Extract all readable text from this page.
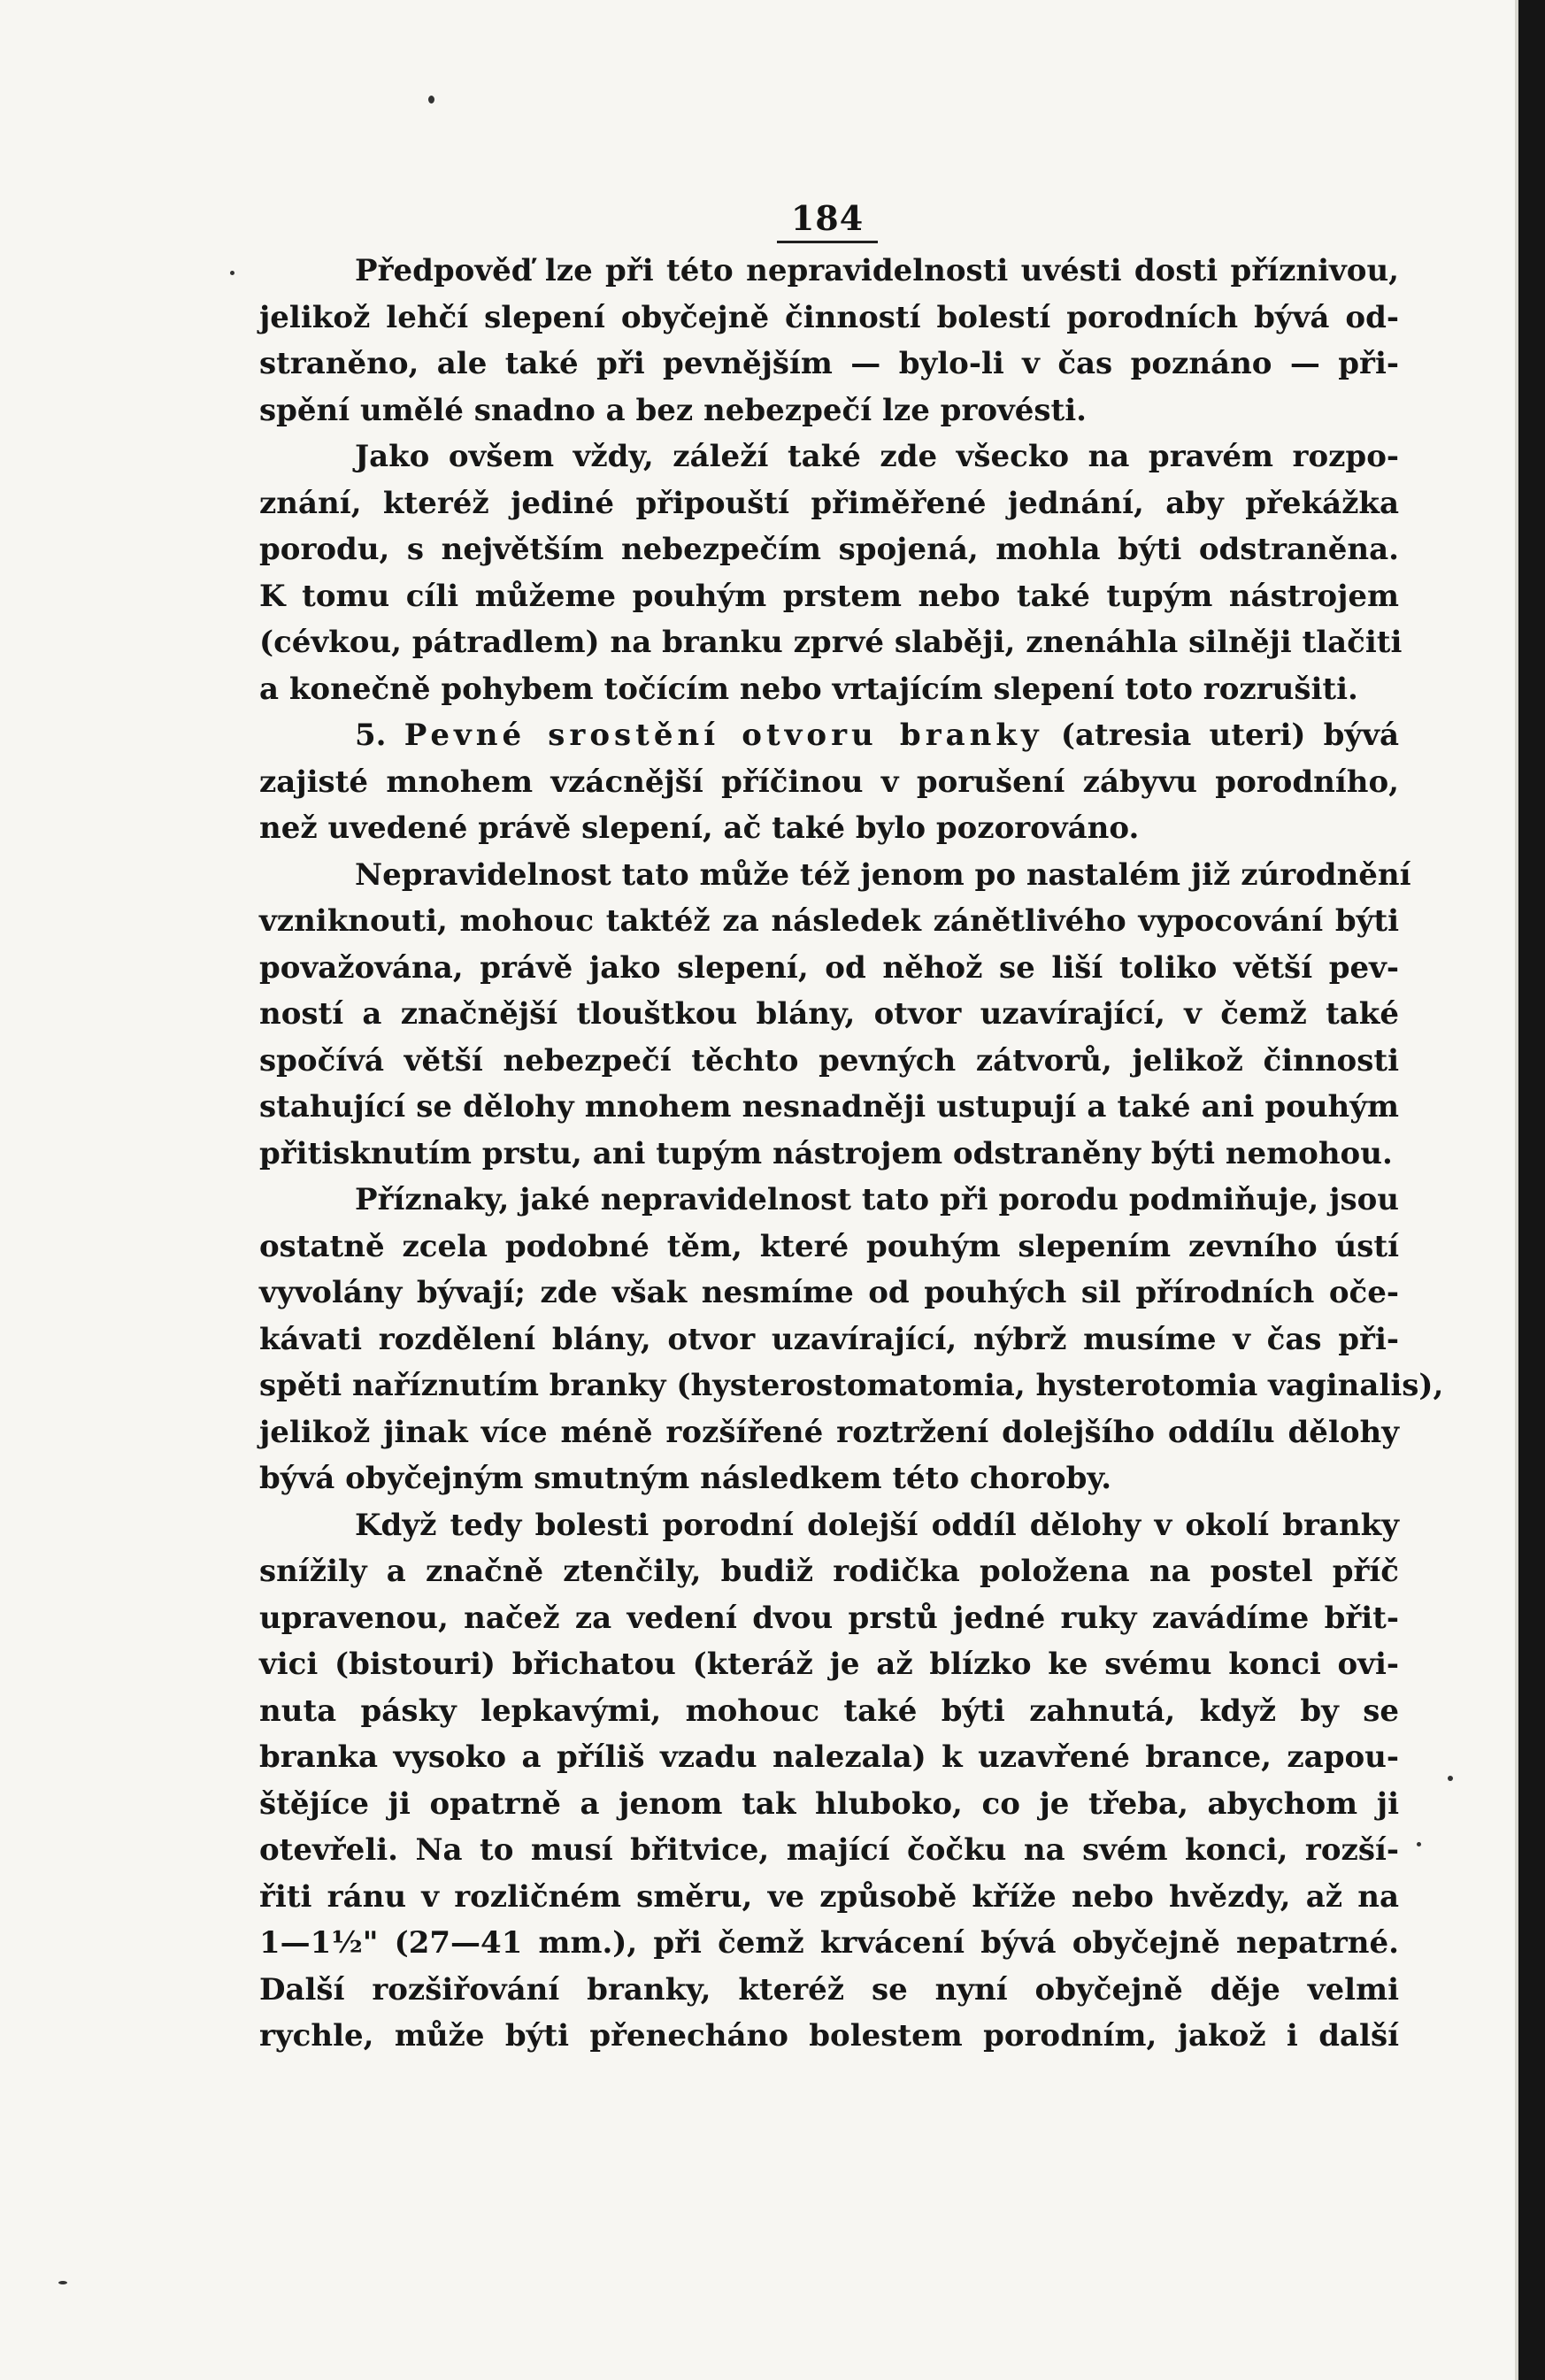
184
Předpověď lze při této nepravidelnosti uvésti dosti příznivou,
jelikož lehčí slepení obyčejně činností bolestí porodních bývá od-
straněno, ale také při pevnějším — bylo-li v čas poznáno — při-
spění umělé snadno a bez nebezpečí lze provésti.
Jako ovšem vždy, záleží také zde všecko na pravém rozpo-
znání, kteréž jediné připouští přiměřené jednání, aby překážka
porodu, s největším nebezpečím spojená, mohla býti odstraněna.
K tomu cíli můžeme pouhým prstem nebo také tupým nástrojem
(cévkou, pátradlem) na branku zprvé slaběji, znenáhla silněji tlačiti
a konečně pohybem točícím nebo vrtajícím slepení toto rozrušiti.
5. Pevné srostění otvoru branky (atresia uteri) bývá
zajisté mnohem vzácnější příčinou v porušení zábyvu porodního,
než uvedené právě slepení, ač také bylo pozorováno.
Nepravidelnost tato může též jenom po nastalém již zúrodnění
vzniknouti, mohouc taktéž za následek zánětlivého vypocování býti
považována, právě jako slepení, od něhož se liší toliko větší pev-
ností a značnější tlouštkou blány, otvor uzavírající, v čemž také
spočívá větší nebezpečí těchto pevných zátvorů, jelikož činnosti
stahující se dělohy mnohem nesnadněji ustupují a také ani pouhým
přitisknutím prstu, ani tupým nástrojem odstraněny býti nemohou.
Příznaky, jaké nepravidelnost tato při porodu podmiňuje, jsou
ostatně zcela podobné těm, které pouhým slepením zevního ústí
vyvolány bývají; zde však nesmíme od pouhých sil přírodních oče-
kávati rozdělení blány, otvor uzavírající, nýbrž musíme v čas při-
spěti naříznutím branky (hysterostomatomia, hysterotomia vaginalis),
jelikož jinak více méně rozšířené roztržení dolejšího oddílu dělohy
bývá obyčejným smutným následkem této choroby.
Když tedy bolesti porodní dolejší oddíl dělohy v okolí branky
snížily a značně ztenčily, budiž rodička položena na postel příč
upravenou, načež za vedení dvou prstů jedné ruky zavádíme břit-
vici (bistouri) břichatou (kteráž je až blízko ke svému konci ovi-
nuta pásky lepkavými, mohouc také býti zahnutá, když by se
branka vysoko a příliš vzadu nalezala) k uzavřené brance, zapou-
štějíce ji opatrně a jenom tak hluboko, co je třeba, abychom ji
otevřeli. Na to musí břitvice, mající čočku na svém konci, rozší-
řiti ránu v rozličném směru, ve způsobě kříže nebo hvězdy, až na
1—1½" (27—41 mm.), při čemž krvácení bývá obyčejně nepatrné.
Další rozšiřování branky, kteréž se nyní obyčejně děje velmi
rychle, může býti přenecháno bolestem porodním, jakož i další
